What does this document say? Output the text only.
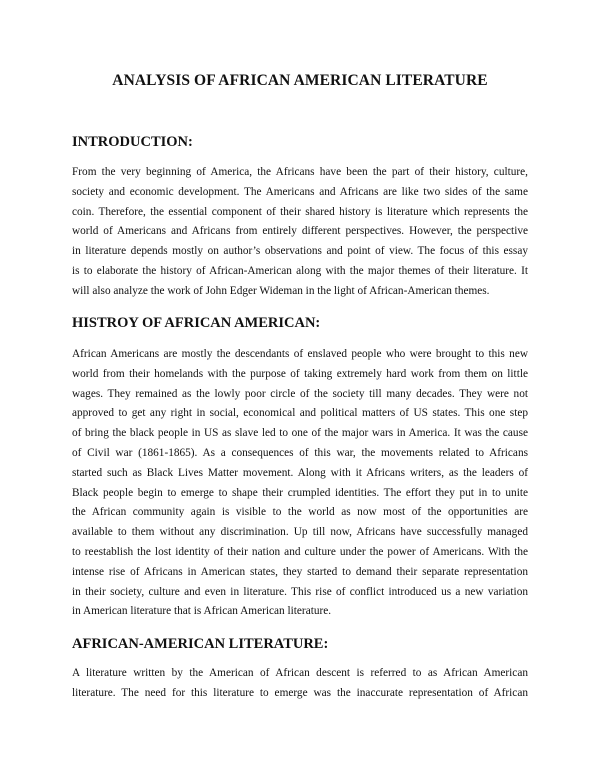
ANALYSIS OF AFRICAN AMERICAN LITERATURE
INTRODUCTION:
From the very beginning of America, the Africans have been the part of their history, culture,
society and economic development. The Americans and Africans are like two sides of the same
coin. Therefore, the essential component of their shared history is literature which represents the
world of Americans and Africans from entirely different perspectives. However, the perspective
in literature depends mostly on author’s observations and point of view. The focus of this essay
is to elaborate the history of African-American along with the major themes of their literature. It
will also analyze the work of John Edger Wideman in the light of African-American themes.
HISTROY OF AFRICAN AMERICAN:
African Americans are mostly the descendants of enslaved people who were brought to this new
world from their homelands with the purpose of taking extremely hard work from them on little
wages. They remained as the lowly poor circle of the society till many decades. They were not
approved to get any right in social, economical and political matters of US states. This one step
of bring the black people in US as slave led to one of the major wars in America. It was the cause
of Civil war (1861-1865). As a consequences of this war, the movements related to Africans
started such as Black Lives Matter movement. Along with it Africans writers, as the leaders of
Black people begin to emerge to shape their crumpled identities. The effort they put in to unite
the African community again is visible to the world as now most of the opportunities are
available to them without any discrimination. Up till now, Africans have successfully managed
to reestablish the lost identity of their nation and culture under the power of Americans. With the
intense rise of Africans in American states, they started to demand their separate representation
in their society, culture and even in literature. This rise of conflict introduced us a new variation
in American literature that is African American literature.
AFRICAN-AMERICAN LITERATURE:
A literature written by the American of African descent is referred to as African American
literature. The need for this literature to emerge was the inaccurate representation of African
